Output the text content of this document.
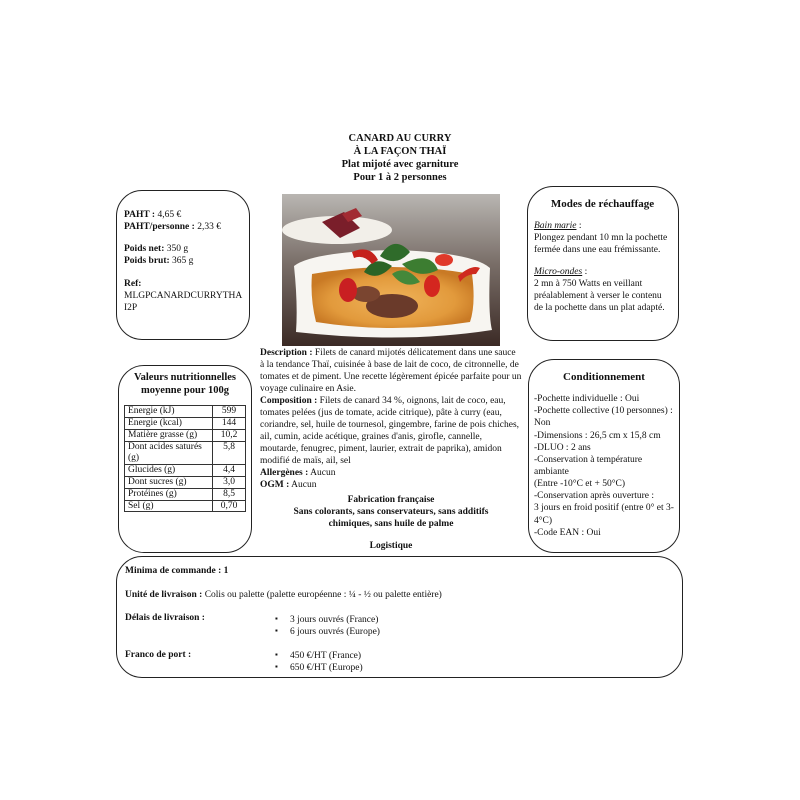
CANARD AU CURRY
À LA FAÇON THAÏ
Plat mijoté avec garniture
Pour 1 à 2 personnes
PAHT : 4,65 €
PAHT/personne : 2,33 €
Poids net: 350 g
Poids brut: 365 g
Ref:
MLGPCANARDCURRYTHAI2P
Modes de réchauffage
Bain marie :
Plongez pendant 10 mn la pochette fermée dans une eau frémissante.
Micro-ondes :
2 mn à 750 Watts en veillant préalablement à verser le contenu de la pochette dans un plat adapté.
Description : Filets de canard mijotés délicatement dans une sauce à la tendance Thaï, cuisinée à base de lait de coco, de citronnelle, de tomates et de piment. Une recette légèrement épicée parfaite pour un voyage culinaire en Asie.
Composition : Filets de canard 34 %, oignons, lait de coco, eau, tomates pelées (jus de tomate, acide citrique), pâte à curry (eau, coriandre, sel, huile de tournesol, gingembre, farine de pois chiches, ail, cumin, acide acétique, graines d'anis, girofle, cannelle, moutarde, fenugrec, piment, laurier, extrait de paprika), amidon modifié de maïs, ail, sel
Allergènes : Aucun
OGM : Aucun
Fabrication française
Sans colorants, sans conservateurs, sans additifs chimiques, sans huile de palme
Logistique
Valeurs nutritionnelles moyenne pour 100g
Energie (kJ)	599
Energie (kcal)	144
Matière grasse (g)	10,2
Dont acides saturés (g)	5,8
Glucides (g)	4,4
Dont sucres (g)	3,0
Protéines (g)	8,5
Sel (g)	0,70
Conditionnement
-Pochette individuelle : Oui
-Pochette collective (10 personnes) : Non
-Dimensions : 26,5 cm x 15,8 cm
-DLUO : 2 ans
-Conservation à température ambiante
(Entre -10°C et + 50°C)
-Conservation après ouverture :
3 jours en froid positif (entre 0° et 3-4°C)
-Code EAN : Oui
Minima de commande : 1
Unité de livraison : Colis ou palette (palette européenne : ¼ - ½ ou palette entière)
Délais de livraison :	▪ 3 jours ouvrés (France)
▪ 6 jours ouvrés (Europe)
Franco de port :	▪ 450 €/HT (France)
▪ 650 €/HT (Europe)
